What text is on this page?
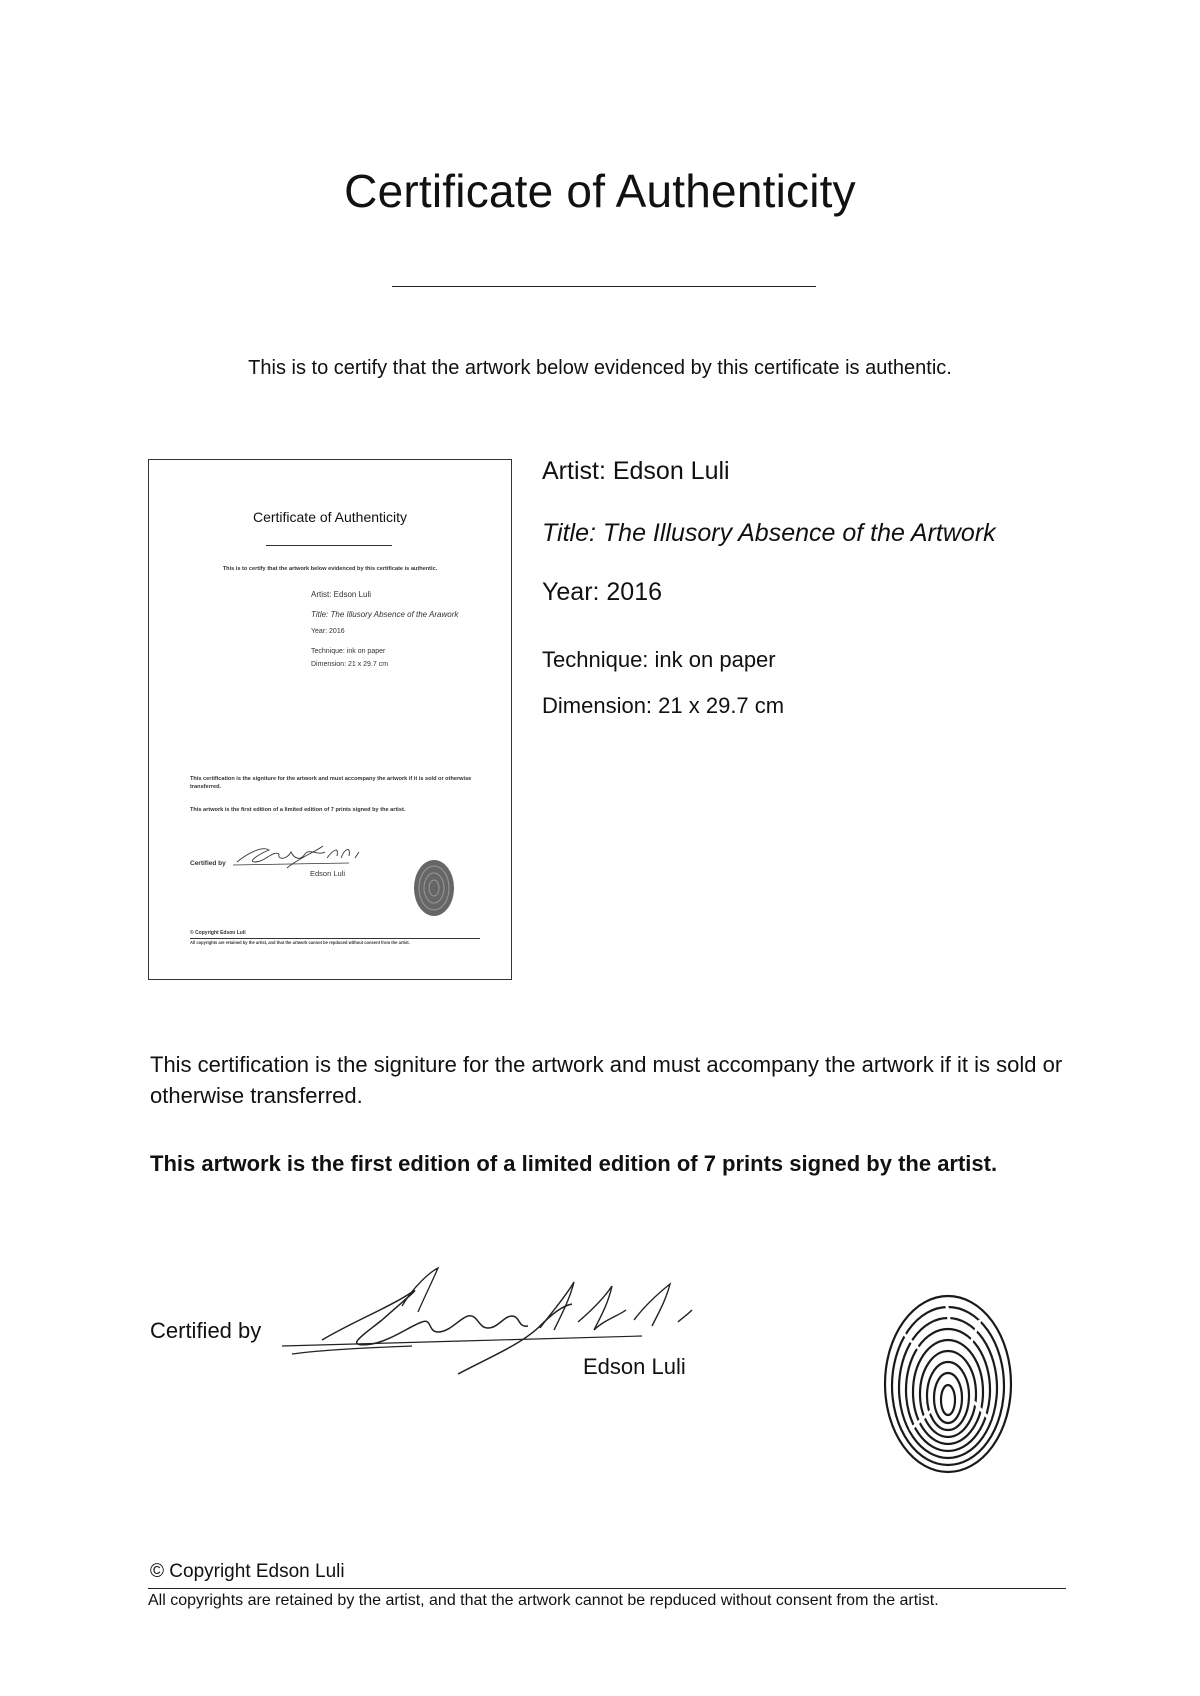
Certificate of Authenticity
This is to certify that the artwork below evidenced by this certificate is authentic.
Certificate of Authenticity
This is to certify that the artwork below evidenced by this certificate is authentic.
Artist: Edson Luli
Title: The Illusory Absence of the Arawork
Year: 2016
Technique: ink on paper
Dimension: 21 x 29.7 cm
This certification is the signiture for the artwork and must accompany the artwork if it is sold or otherwise transferred.
This artwork is the first edition of a limited edition of 7 prints signed by the artist.
Certified by
Edson Luli
© Copyright Edson Luli
All copyrights are retained by the artist, and that the artwork cannot be repduced without consent from the artist.
Artist: Edson Luli
Title: The Illusory Absence of the Artwork
Year: 2016
Technique: ink on paper
Dimension: 21 x 29.7 cm
This certification is the signiture for the artwork and must accompany the artwork if it is sold or otherwise transferred.
This artwork is the first edition of a limited edition of 7 prints signed by the artist.
Certified by
Edson Luli
© Copyright Edson Luli
All copyrights are retained by the artist, and that the artwork cannot be repduced without consent from the artist.
